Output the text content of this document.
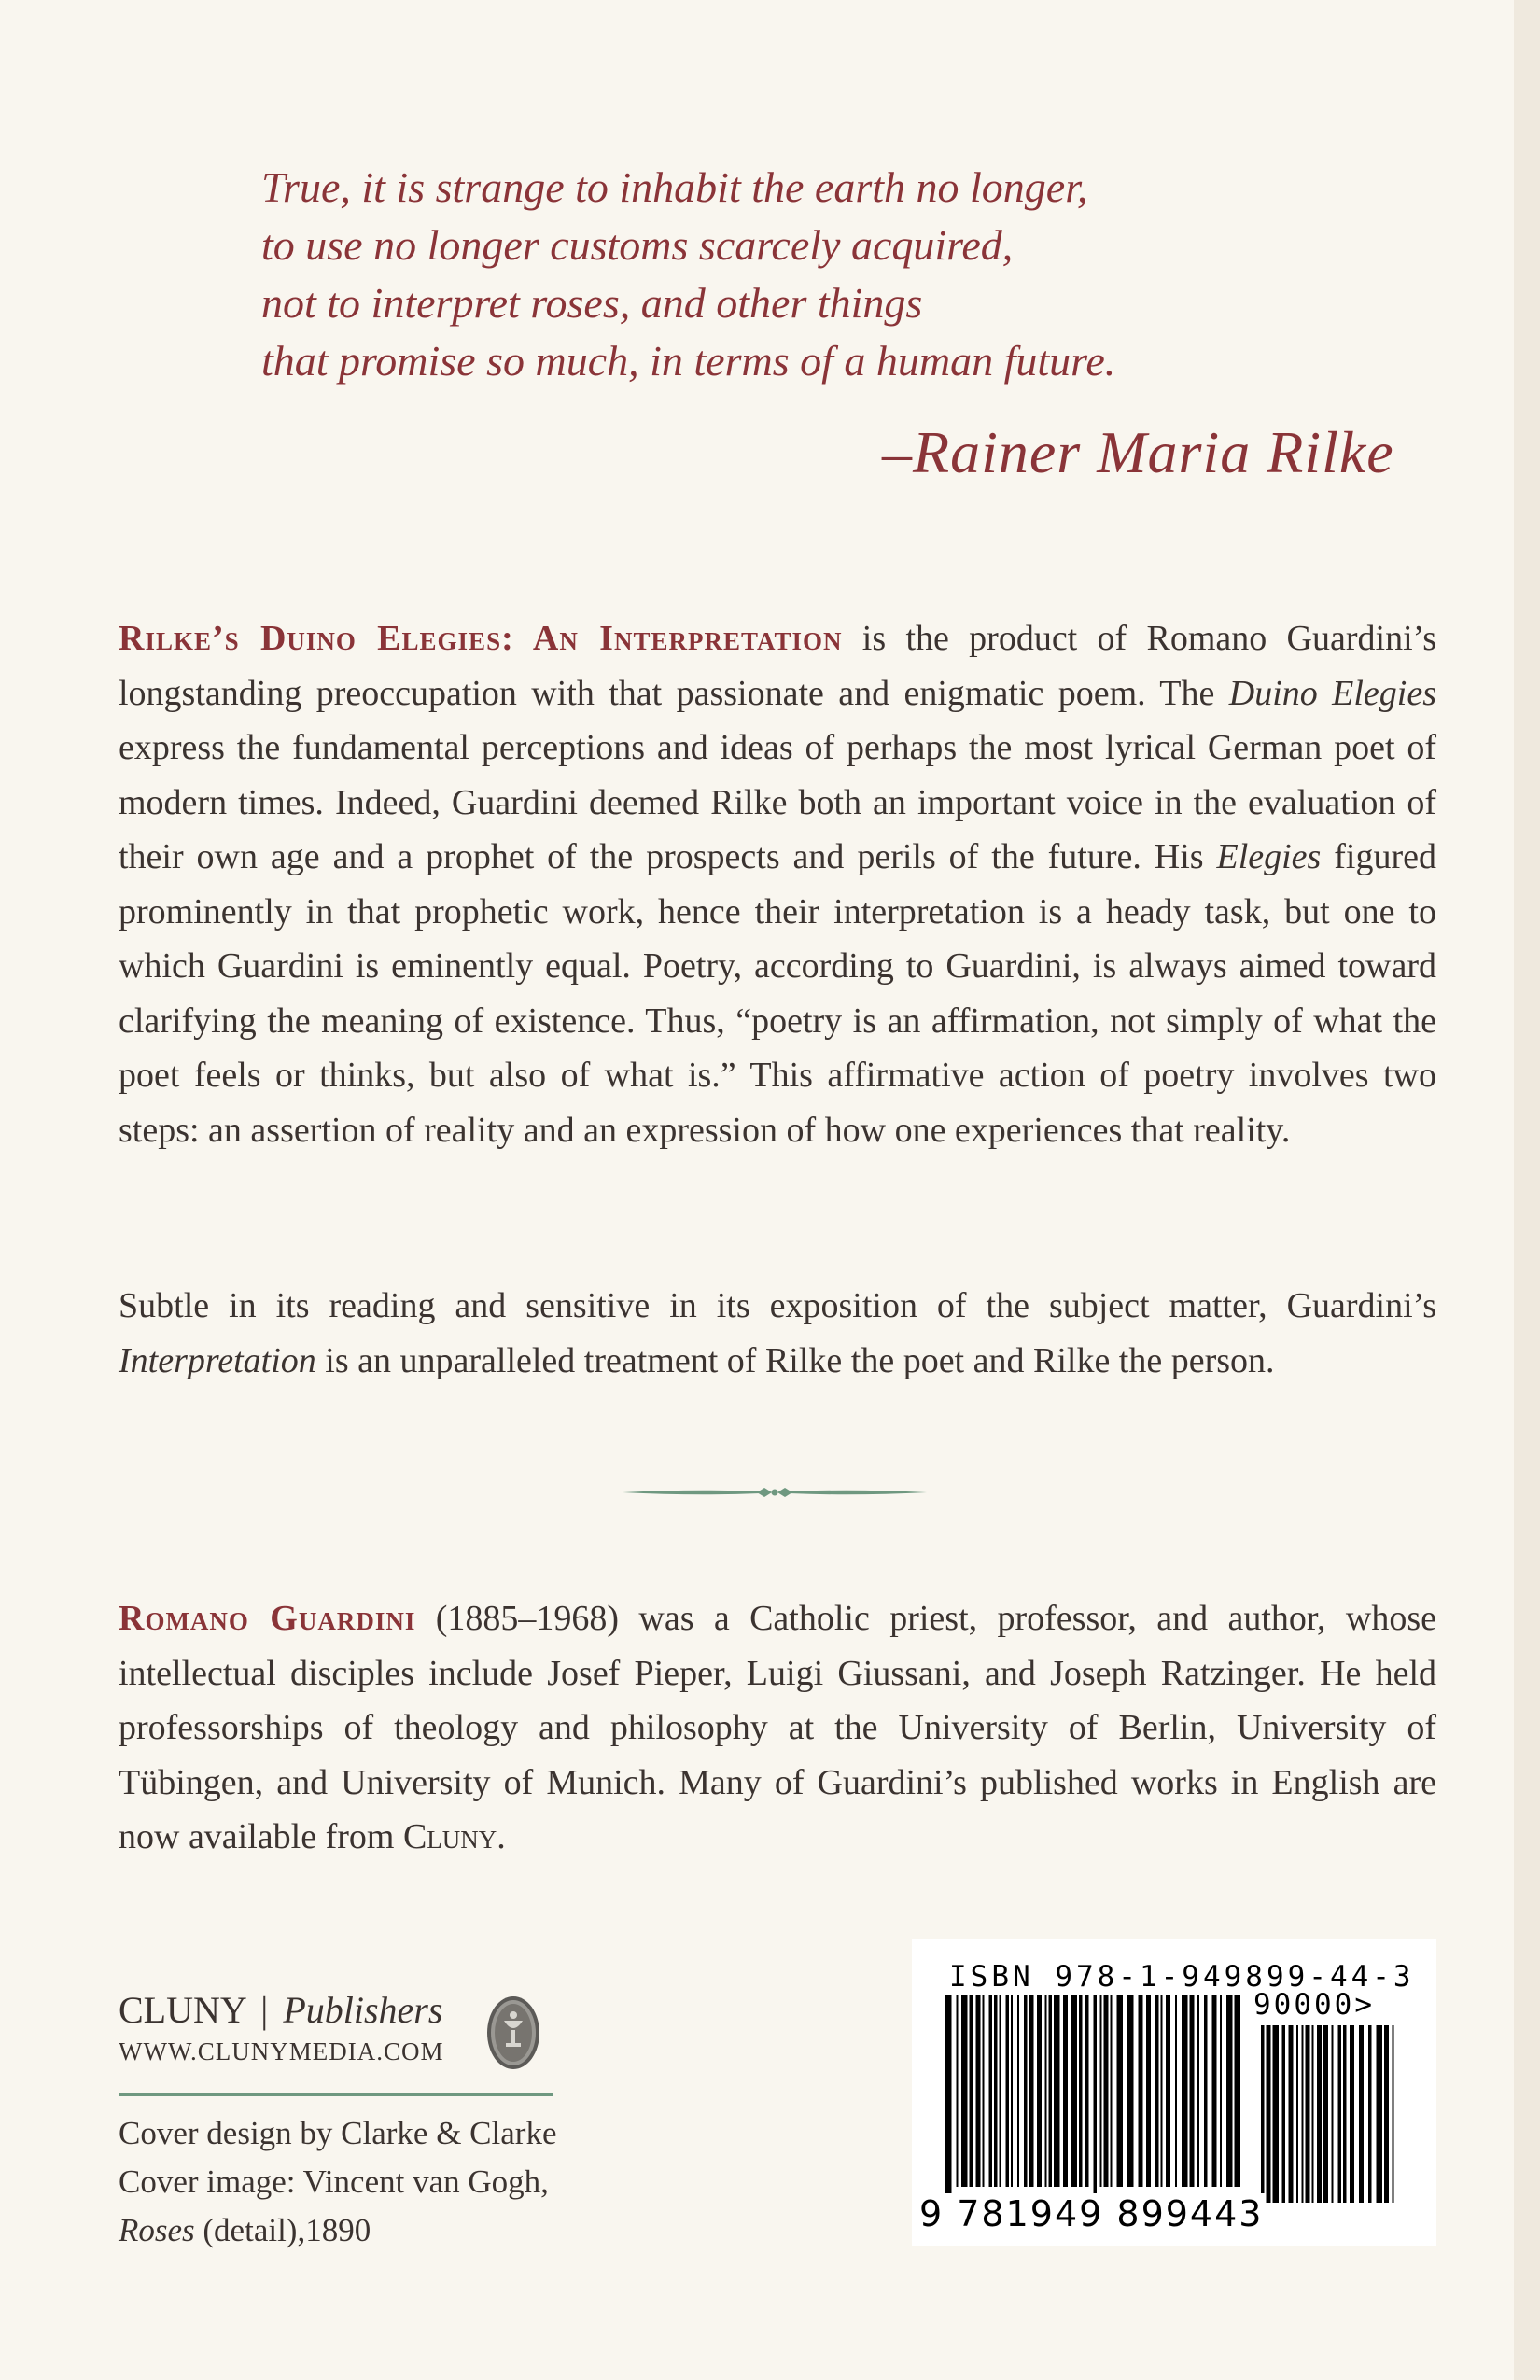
True, it is strange to inhabit the earth no longer,
to use no longer customs scarcely acquired,
not to interpret roses, and other things
that promise so much, in terms of a human future.
–Rainer Maria Rilke
Rilke’s Duino Elegies: An Interpretation is the product of Romano Guardini’s longstanding preoccupation with that passionate and enigmatic poem. The Duino Elegies express the fundamental perceptions and ideas of perhaps the most lyrical German poet of modern times. Indeed, Guardini deemed Rilke both an important voice in the evaluation of their own age and a prophet of the prospects and perils of the future. His Elegies figured prominently in that prophetic work, hence their interpretation is a heady task, but one to which Guardini is eminently equal. Poetry, according to Guardini, is always aimed toward clarifying the meaning of existence. Thus, “poetry is an affirmation, not simply of what the poet feels or thinks, but also of what is.” This affirmative action of poetry involves two steps: an assertion of reality and an expression of how one experiences that reality.
Subtle in its reading and sensitive in its exposition of the subject matter, Guardini’s Interpretation is an unparalleled treatment of Rilke the poet and Rilke the person.
Romano Guardini (1885–1968) was a Catholic priest, professor, and author, whose intellectual disciples include Josef Pieper, Luigi Giussani, and Joseph Ratzinger. He held professorships of theology and philosophy at the University of Berlin, University of Tübingen, and University of Munich. Many of Guardini’s published works in English are now available from Cluny.
CLUNY | Publishers
WWW.CLUNYMEDIA.COM
Cover design by Clarke & Clarke
Cover image: Vincent van Gogh,
Roses (detail),1890
ISBN 978-1-949899-44-3
90000>
9 781949 899443
